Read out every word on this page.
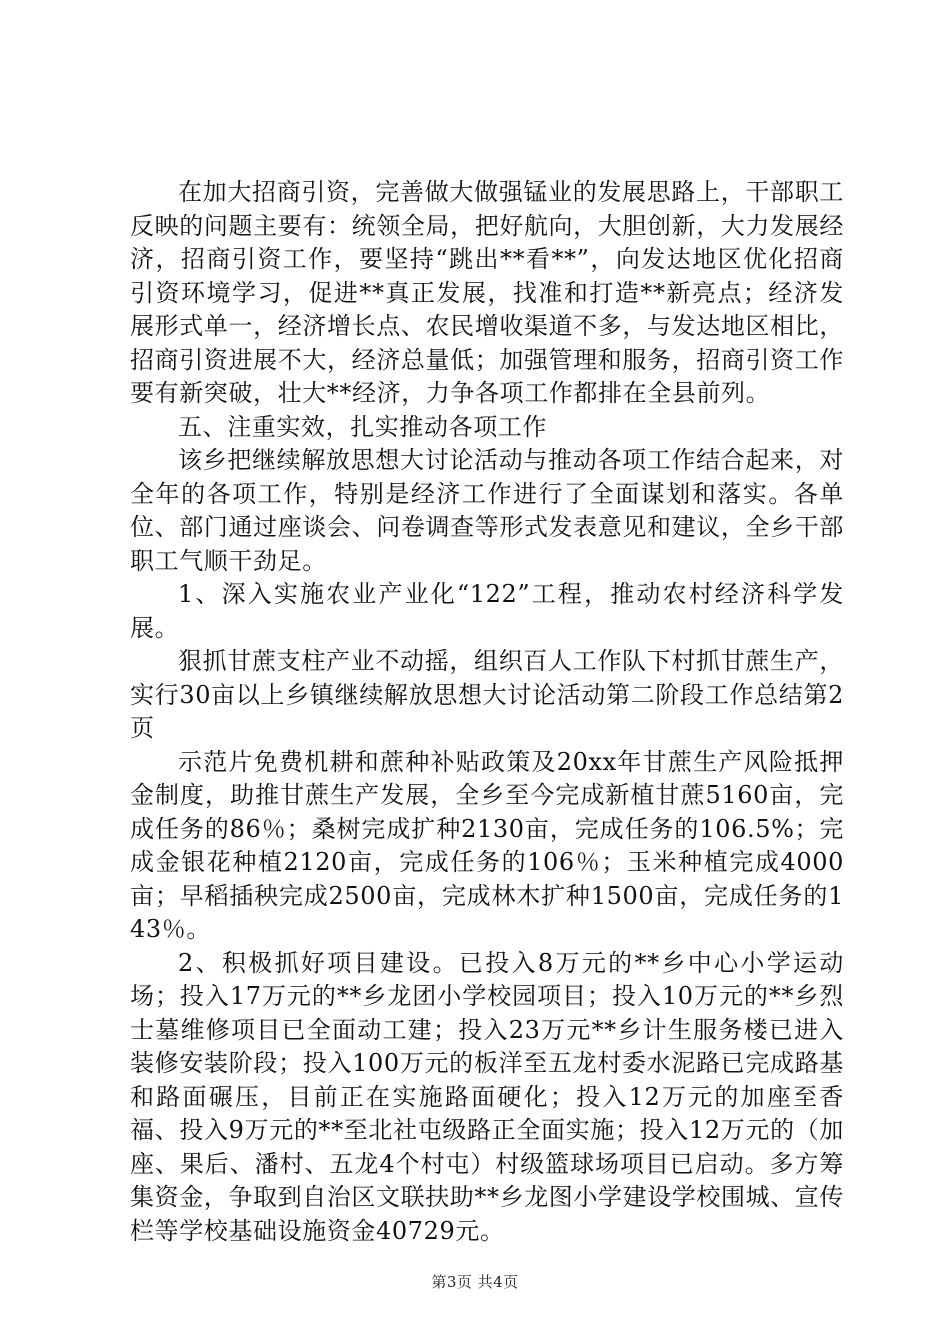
在加大招商引资，完善做大做强锰业的发展思路上，干部职工反映的问题主要有：统领全局，把好航向，大胆创新，大力发展经济，招商引资工作，要坚持“跳出**看**”，向发达地区优化招商引资环境学习，促进**真正发展，找准和打造**新亮点；经济发展形式单一，经济增长点、农民增收渠道不多，与发达地区相比，招商引资进展不大，经济总量低；加强管理和服务，招商引资工作要有新突破，壮大**经济，力争各项工作都排在全县前列。

五、注重实效，扎实推动各项工作

该乡把继续解放思想大讨论活动与推动各项工作结合起来，对全年的各项工作，特别是经济工作进行了全面谋划和落实。各单位、部门通过座谈会、问卷调查等形式发表意见和建议，全乡干部职工气顺干劲足。

1、深入实施农业产业化“122”工程，推动农村经济科学发展。

狠抓甘蔗支柱产业不动摇，组织百人工作队下村抓甘蔗生产，实行30亩以上乡镇继续解放思想大讨论活动第二阶段工作总结第2页

示范片免费机耕和蔗种补贴政策及20xx年甘蔗生产风险抵押金制度，助推甘蔗生产发展，全乡至今完成新植甘蔗5160亩，完成任务的86％；桑树完成扩种2130亩，完成任务的106.5%；完成金银花种植2120亩，完成任务的106％；玉米种植完成4000亩；早稻插秧完成2500亩，完成林木扩种1500亩，完成任务的143％。

2、积极抓好项目建设。已投入8万元的**乡中心小学运动场；投入17万元的**乡龙团小学校园项目；投入10万元的**乡烈士墓维修项目已全面动工建；投入23万元**乡计生服务楼已进入装修安装阶段；投入100万元的板洋至五龙村委水泥路已完成路基和路面碾压，目前正在实施路面硬化；投入12万元的加座至香福、投入9万元的**至北社屯级路正全面实施；投入12万元的（加座、果后、潘村、五龙4个村屯）村级篮球场项目已启动。多方筹集资金，争取到自治区文联扶助**乡龙图小学建设学校围城、宣传栏等学校基础设施资金40729元。

第3页 共4页
